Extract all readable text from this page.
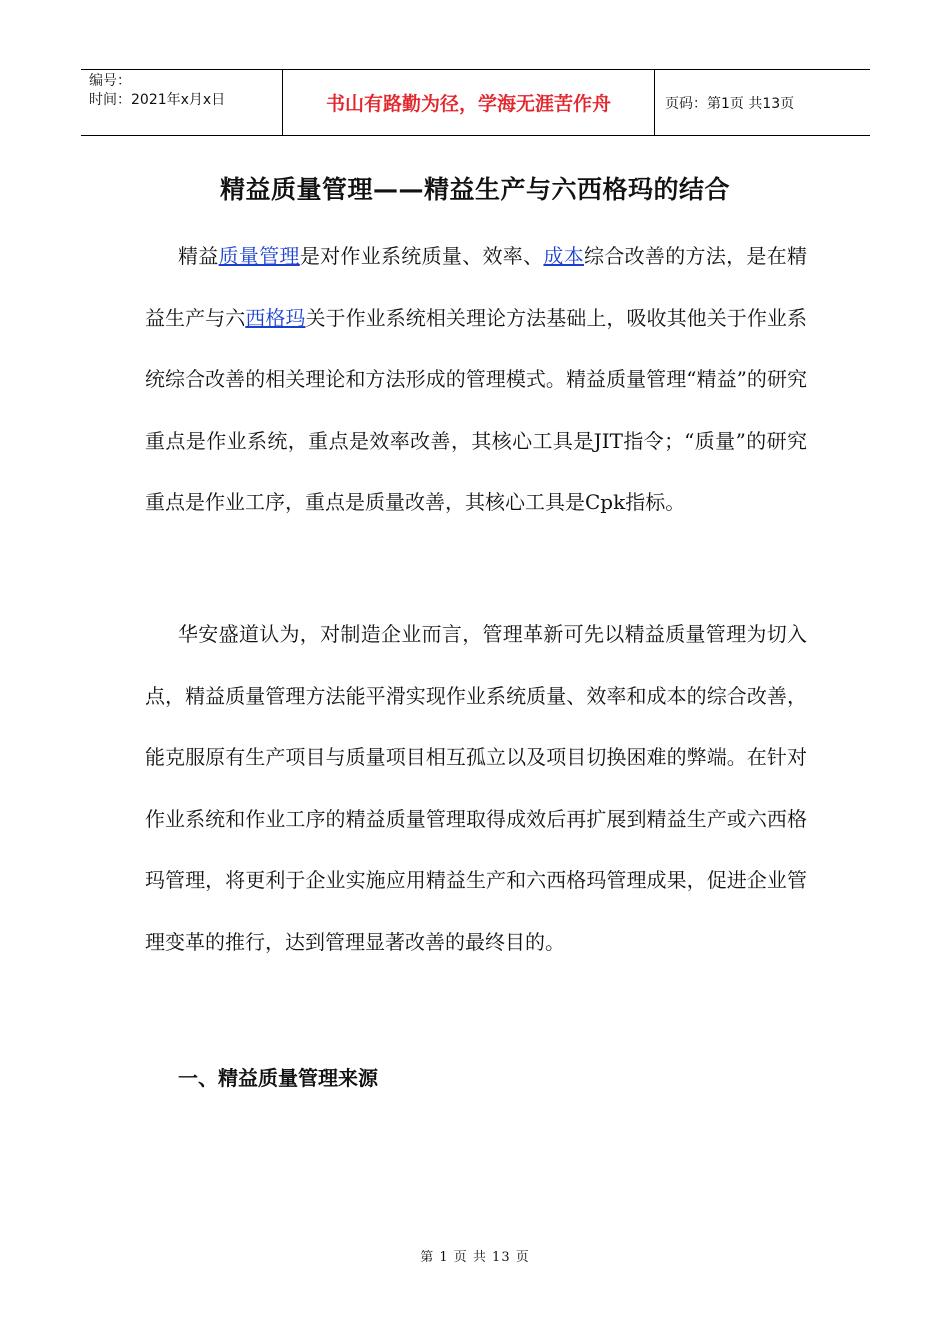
编号：
时间：2021年x月x日	书山有路勤为径，学海无涯苦作舟	页码：第1页 共13页
精益质量管理——精益生产与六西格玛的结合

精益质量管理是对作业系统质量、效率、成本综合改善的方法，是在精益生产与六西格玛关于作业系统相关理论方法基础上，吸收其他关于作业系统综合改善的相关理论和方法形成的管理模式。精益质量管理“精益”的研究重点是作业系统，重点是效率改善，其核心工具是JIT指令；“质量”的研究重点是作业工序，重点是质量改善，其核心工具是Cpk指标。

华安盛道认为，对制造企业而言，管理革新可先以精益质量管理为切入点，精益质量管理方法能平滑实现作业系统质量、效率和成本的综合改善，能克服原有生产项目与质量项目相互孤立以及项目切换困难的弊端。在针对作业系统和作业工序的精益质量管理取得成效后再扩展到精益生产或六西格玛管理，将更利于企业实施应用精益生产和六西格玛管理成果，促进企业管理变革的推行，达到管理显著改善的最终目的。

一、精益质量管理来源
第 1 页 共 13 页
